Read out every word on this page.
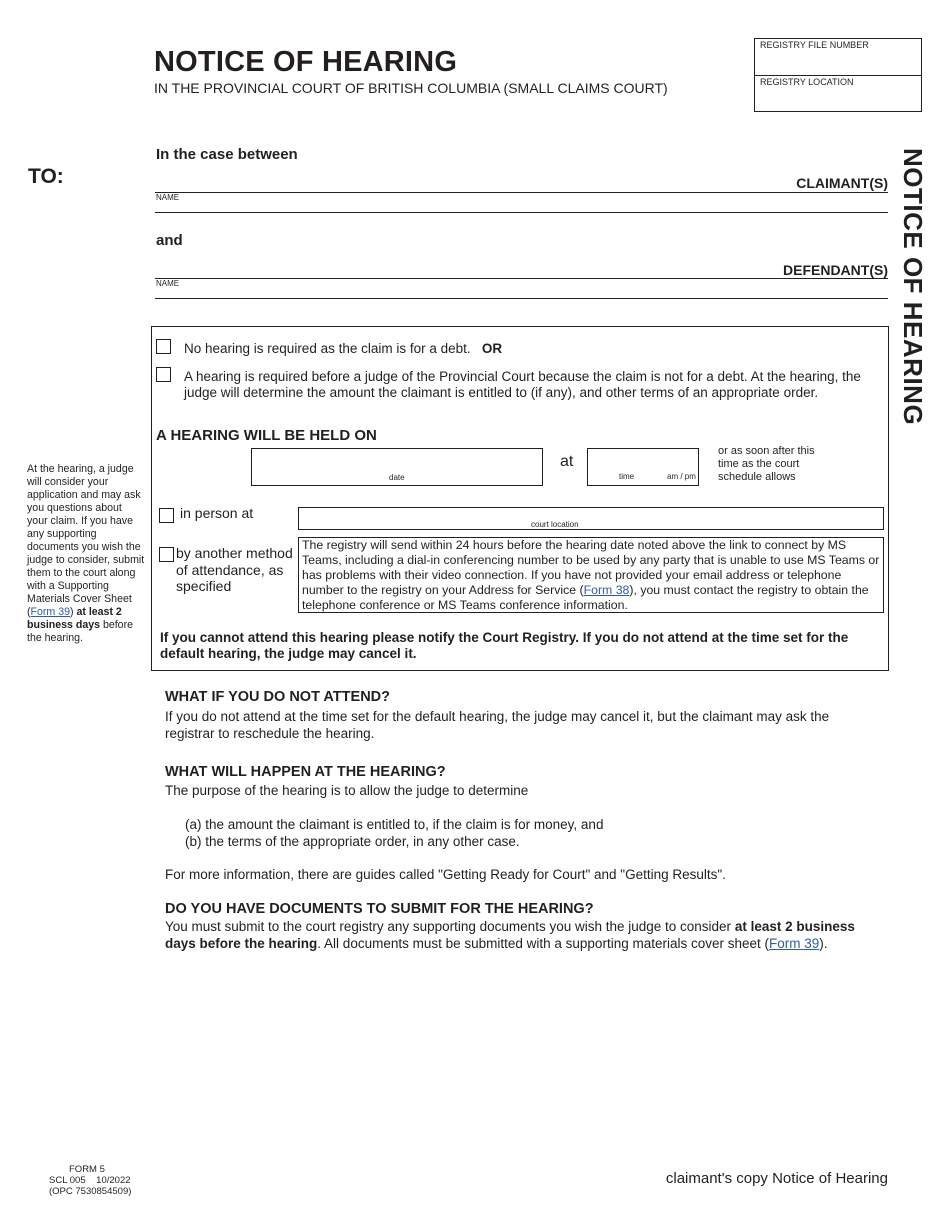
NOTICE OF HEARING
IN THE PROVINCIAL COURT OF BRITISH COLUMBIA (SMALL CLAIMS COURT)
REGISTRY FILE NUMBER
REGISTRY LOCATION
TO:	NOTICE OF HEARING
In the case between
CLAIMANT(S)
NAME
and
DEFENDANT(S)
NAME
At the hearing, a judge will consider your application and may ask you questions about your claim. If you have any supporting documents you wish the judge to consider, submit them to the court along with a Supporting Materials Cover Sheet (Form 39) at least 2 business days before the hearing.
No hearing is required as the claim is for a debt. OR
A hearing is required before a judge of the Provincial Court because the claim is not for a debt. At the hearing, the judge will determine the amount the claimant is entitled to (if any), and other terms of an appropriate order.
A HEARING WILL BE HELD ON
date
at
time	am / pm
or as soon after this time as the court schedule allows
in person at
court location
by another method of attendance, as specified
The registry will send within 24 hours before the hearing date noted above the link to connect by MS Teams, including a dial-in conferencing number to be used by any party that is unable to use MS Teams or has problems with their video connection. If you have not provided your email address or telephone number to the registry on your Address for Service (Form 38), you must contact the registry to obtain the telephone conference or MS Teams conference information.
If you cannot attend this hearing please notify the Court Registry. If you do not attend at the time set for the default hearing, the judge may cancel it.
WHAT IF YOU DO NOT ATTEND?
If you do not attend at the time set for the default hearing, the judge may cancel it, but the claimant may ask the registrar to reschedule the hearing.
WHAT WILL HAPPEN AT THE HEARING?
The purpose of the hearing is to allow the judge to determine
(a) the amount the claimant is entitled to, if the claim is for money, and
(b) the terms of the appropriate order, in any other case.
For more information, there are guides called "Getting Ready for Court" and "Getting Results".
DO YOU HAVE DOCUMENTS TO SUBMIT FOR THE HEARING?
You must submit to the court registry any supporting documents you wish the judge to consider at least 2 business days before the hearing. All documents must be submitted with a supporting materials cover sheet (Form 39).
FORM 5
SCL 005    10/2022
(OPC 7530854509)
claimant's copy Notice of Hearing
